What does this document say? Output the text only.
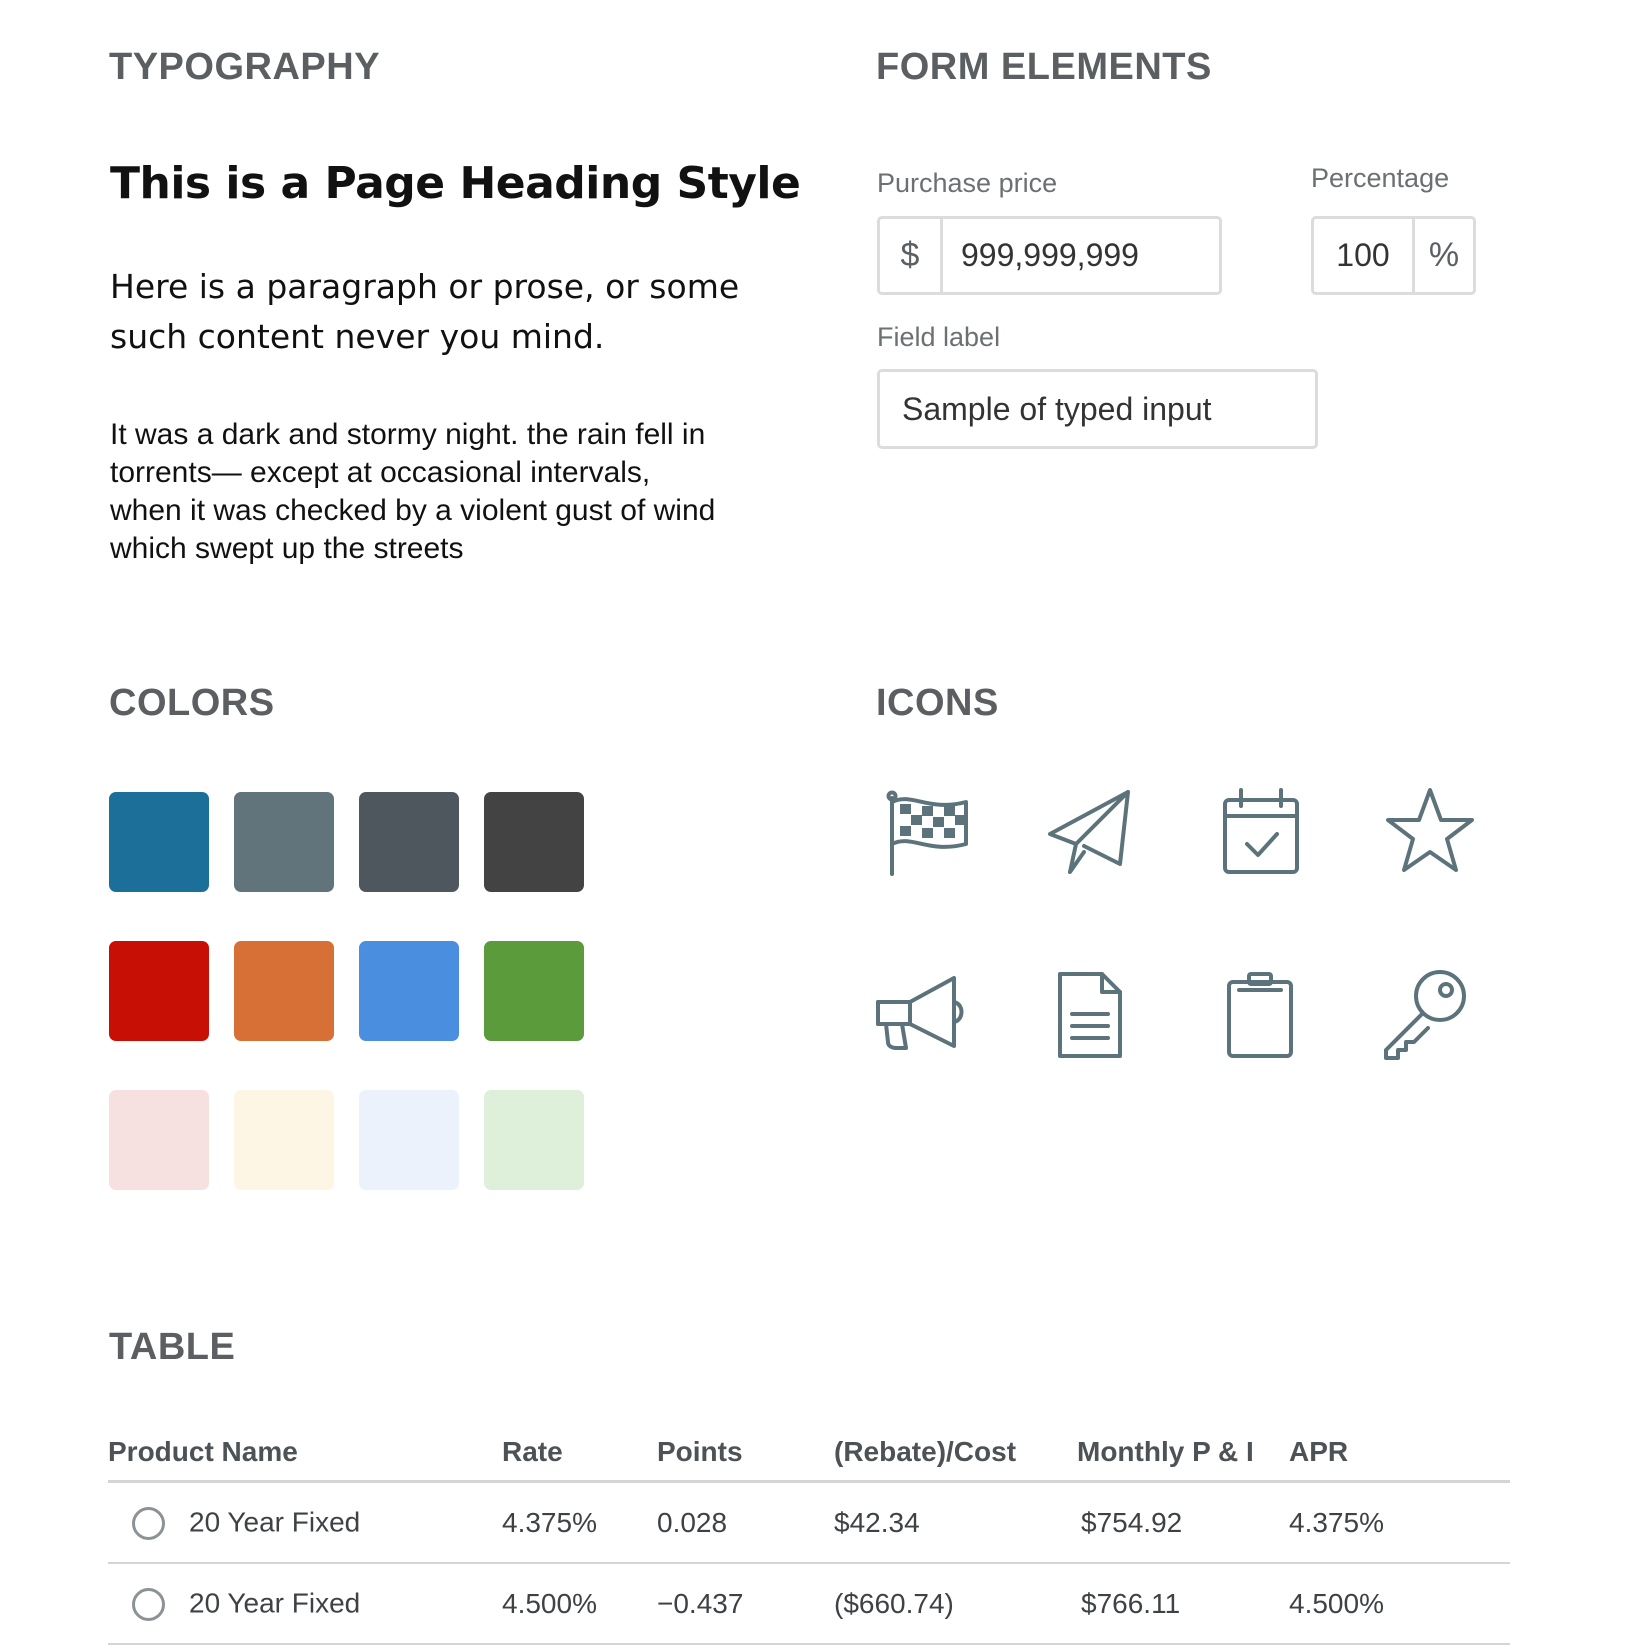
TYPOGRAPHY	FORM ELEMENTS
COLORS	ICONS
TABLE
This is a Page Heading Style
Here is a paragraph or prose, or some such content never you mind.
It was a dark and stormy night. the rain fell in torrents— except at occasional intervals, when it was checked by a violent gust of wind which swept up the streets
Purchase price
$	999,999,999
Percentage
100	%
Field label
Sample of typed input
Product Name	Rate	Points	(Rebate)/Cost	Monthly P & I	APR
20 Year Fixed	4.375%	0.028	$42.34	$754.92	4.375%
20 Year Fixed	4.500%	−0.437	($660.74)	$766.11	4.500%
